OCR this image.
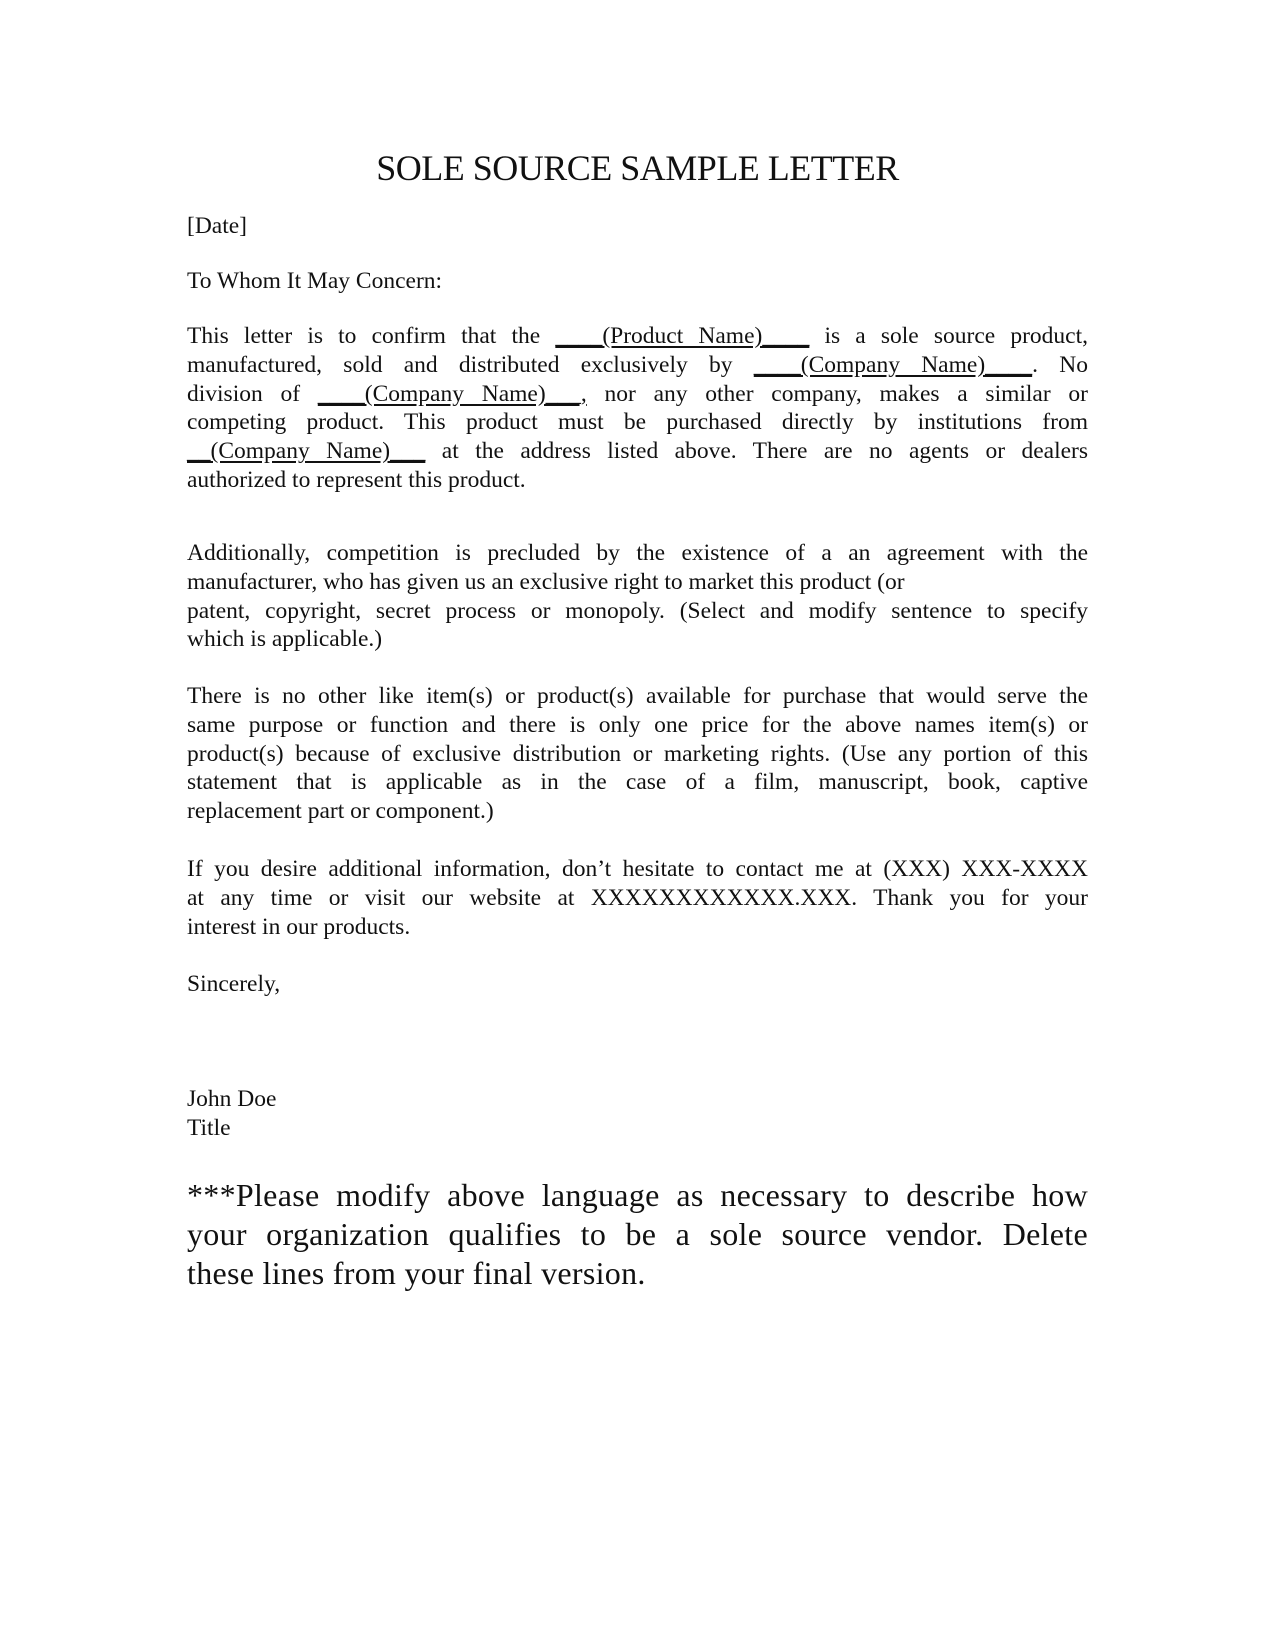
SOLE SOURCE SAMPLE LETTER
[Date]
To Whom It May Concern:
This letter is to confirm that the ____(Product Name)____ is a sole source product,
manufactured, sold and distributed exclusively by ____(Company Name)____. No
division of ____(Company Name)___, nor any other company, makes a similar or
competing product. This product must be purchased directly by institutions from
__(Company Name)___ at the address listed above. There are no agents or dealers
authorized to represent this product.
Additionally, competition is precluded by the existence of a an agreement with the
manufacturer, who has given us an exclusive right to market this product (or
patent, copyright, secret process or monopoly. (Select and modify sentence to specify
which is applicable.)
There is no other like item(s) or product(s) available for purchase that would serve the
same purpose or function and there is only one price for the above names item(s) or
product(s) because of exclusive distribution or marketing rights. (Use any portion of this
statement that is applicable as in the case of a film, manuscript, book, captive
replacement part or component.)
If you desire additional information, don’t hesitate to contact me at (XXX) XXX-XXXX
at any time or visit our website at XXXXXXXXXXXX.XXX. Thank you for your
interest in our products.
Sincerely,
John Doe
Title
***Please modify above language as necessary to describe how
your organization qualifies to be a sole source vendor. Delete
these lines from your final version.
